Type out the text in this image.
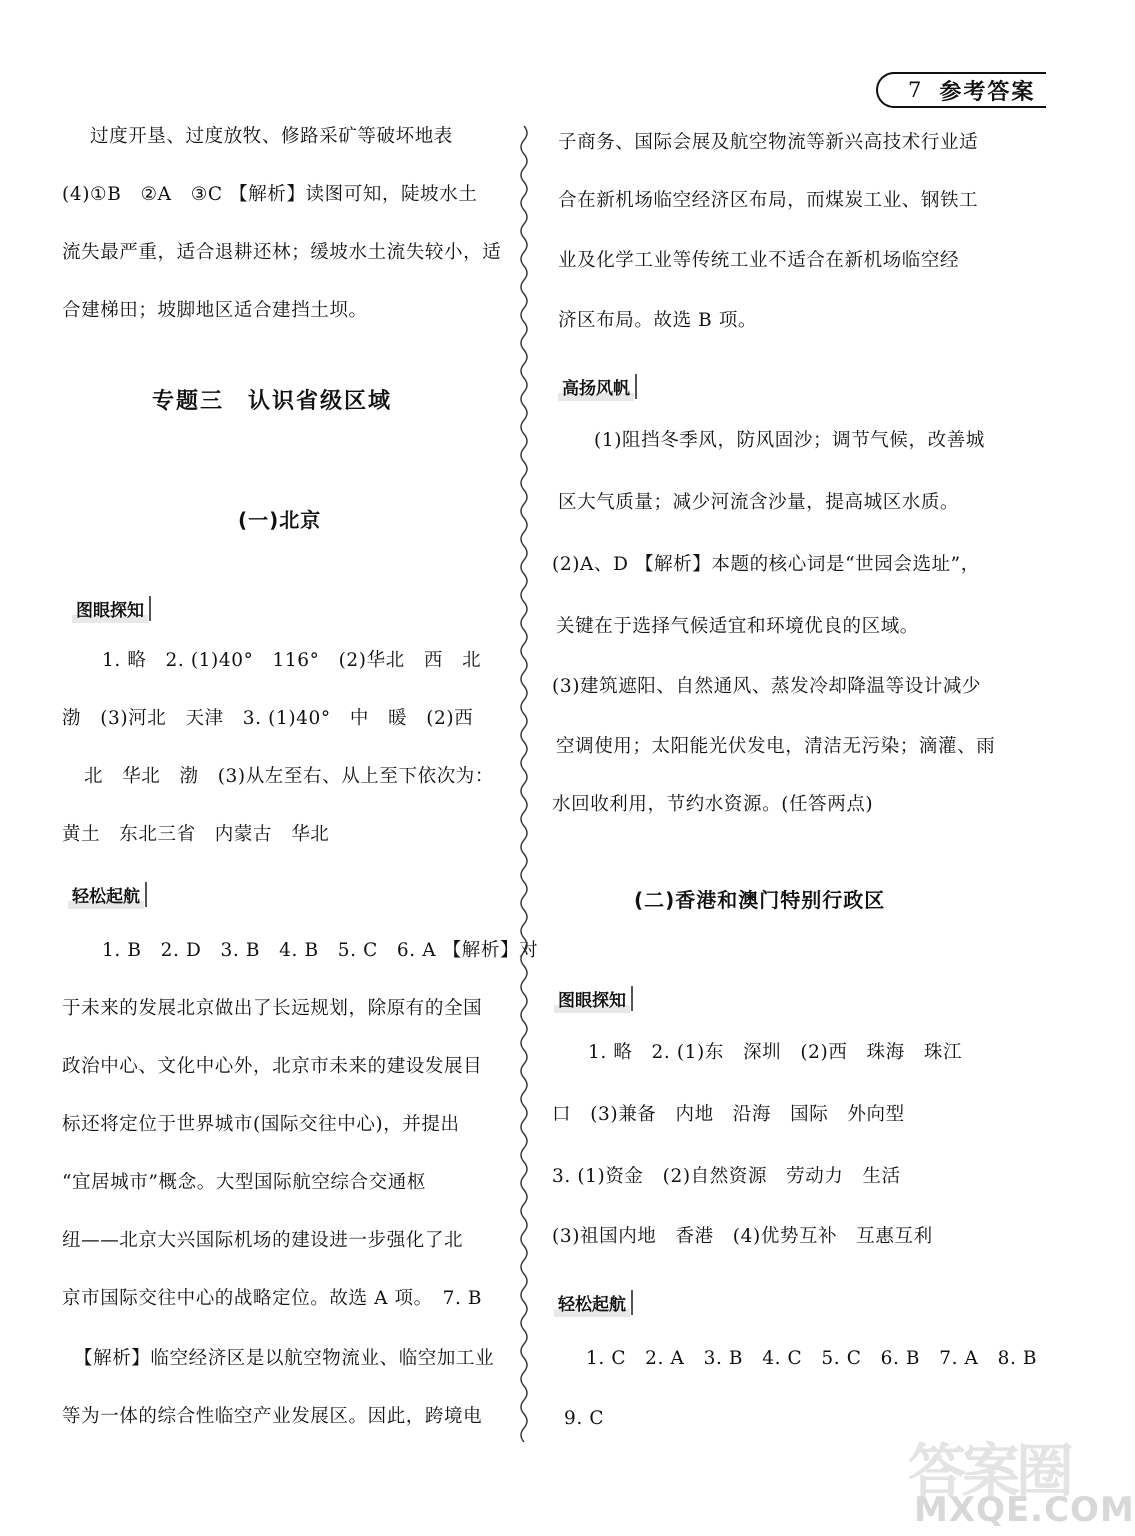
7 参考答案
过度开垦、过度放牧、修路采矿等破坏地表
(4)①B　②A　③C 【解析】读图可知，陡坡水土
流失最严重，适合退耕还林；缓坡水土流失较小，适
合建梯田；坡脚地区适合建挡土坝。
专题三　认识省级区域
(一)北京
图眼探知
1. 略　2. (1)40°　116°　(2)华北　西　北
渤　(3)河北　天津　3. (1)40°　中　暖　(2)西
北　华北　渤　(3)从左至右、从上至下依次为：
黄土　东北三省　内蒙古　华北
轻松起航
1. B　2. D　3. B　4. B　5. C　6. A 【解析】对
于未来的发展北京做出了长远规划，除原有的全国
政治中心、文化中心外，北京市未来的建设发展目
标还将定位于世界城市(国际交往中心)，并提出
“宜居城市”概念。大型国际航空综合交通枢
纽——北京大兴国际机场的建设进一步强化了北
京市国际交往中心的战略定位。故选 A 项。　7. B
【解析】临空经济区是以航空物流业、临空加工业
等为一体的综合性临空产业发展区。因此，跨境电
子商务、国际会展及航空物流等新兴高技术行业适
合在新机场临空经济区布局，而煤炭工业、钢铁工
业及化学工业等传统工业不适合在新机场临空经
济区布局。故选 B 项。
高扬风帆
(1)阻挡冬季风，防风固沙；调节气候，改善城
区大气质量；减少河流含沙量，提高城区水质。
(2)A、D 【解析】本题的核心词是“世园会选址”，
关键在于选择气候适宜和环境优良的区域。
(3)建筑遮阳、自然通风、蒸发冷却降温等设计减少
空调使用；太阳能光伏发电，清洁无污染；滴灌、雨
水回收利用，节约水资源。(任答两点)
(二)香港和澳门特别行政区
图眼探知
1. 略　2. (1)东　深圳　(2)西　珠海　珠江
口　(3)兼备　内地　沿海　国际　外向型
3. (1)资金　(2)自然资源　劳动力　生活
(3)祖国内地　香港　(4)优势互补　互惠互利
轻松起航
1. C　2. A　3. B　4. C　5. C　6. B　7. A　8. B
9. C
答案圈
MXQE.COM
